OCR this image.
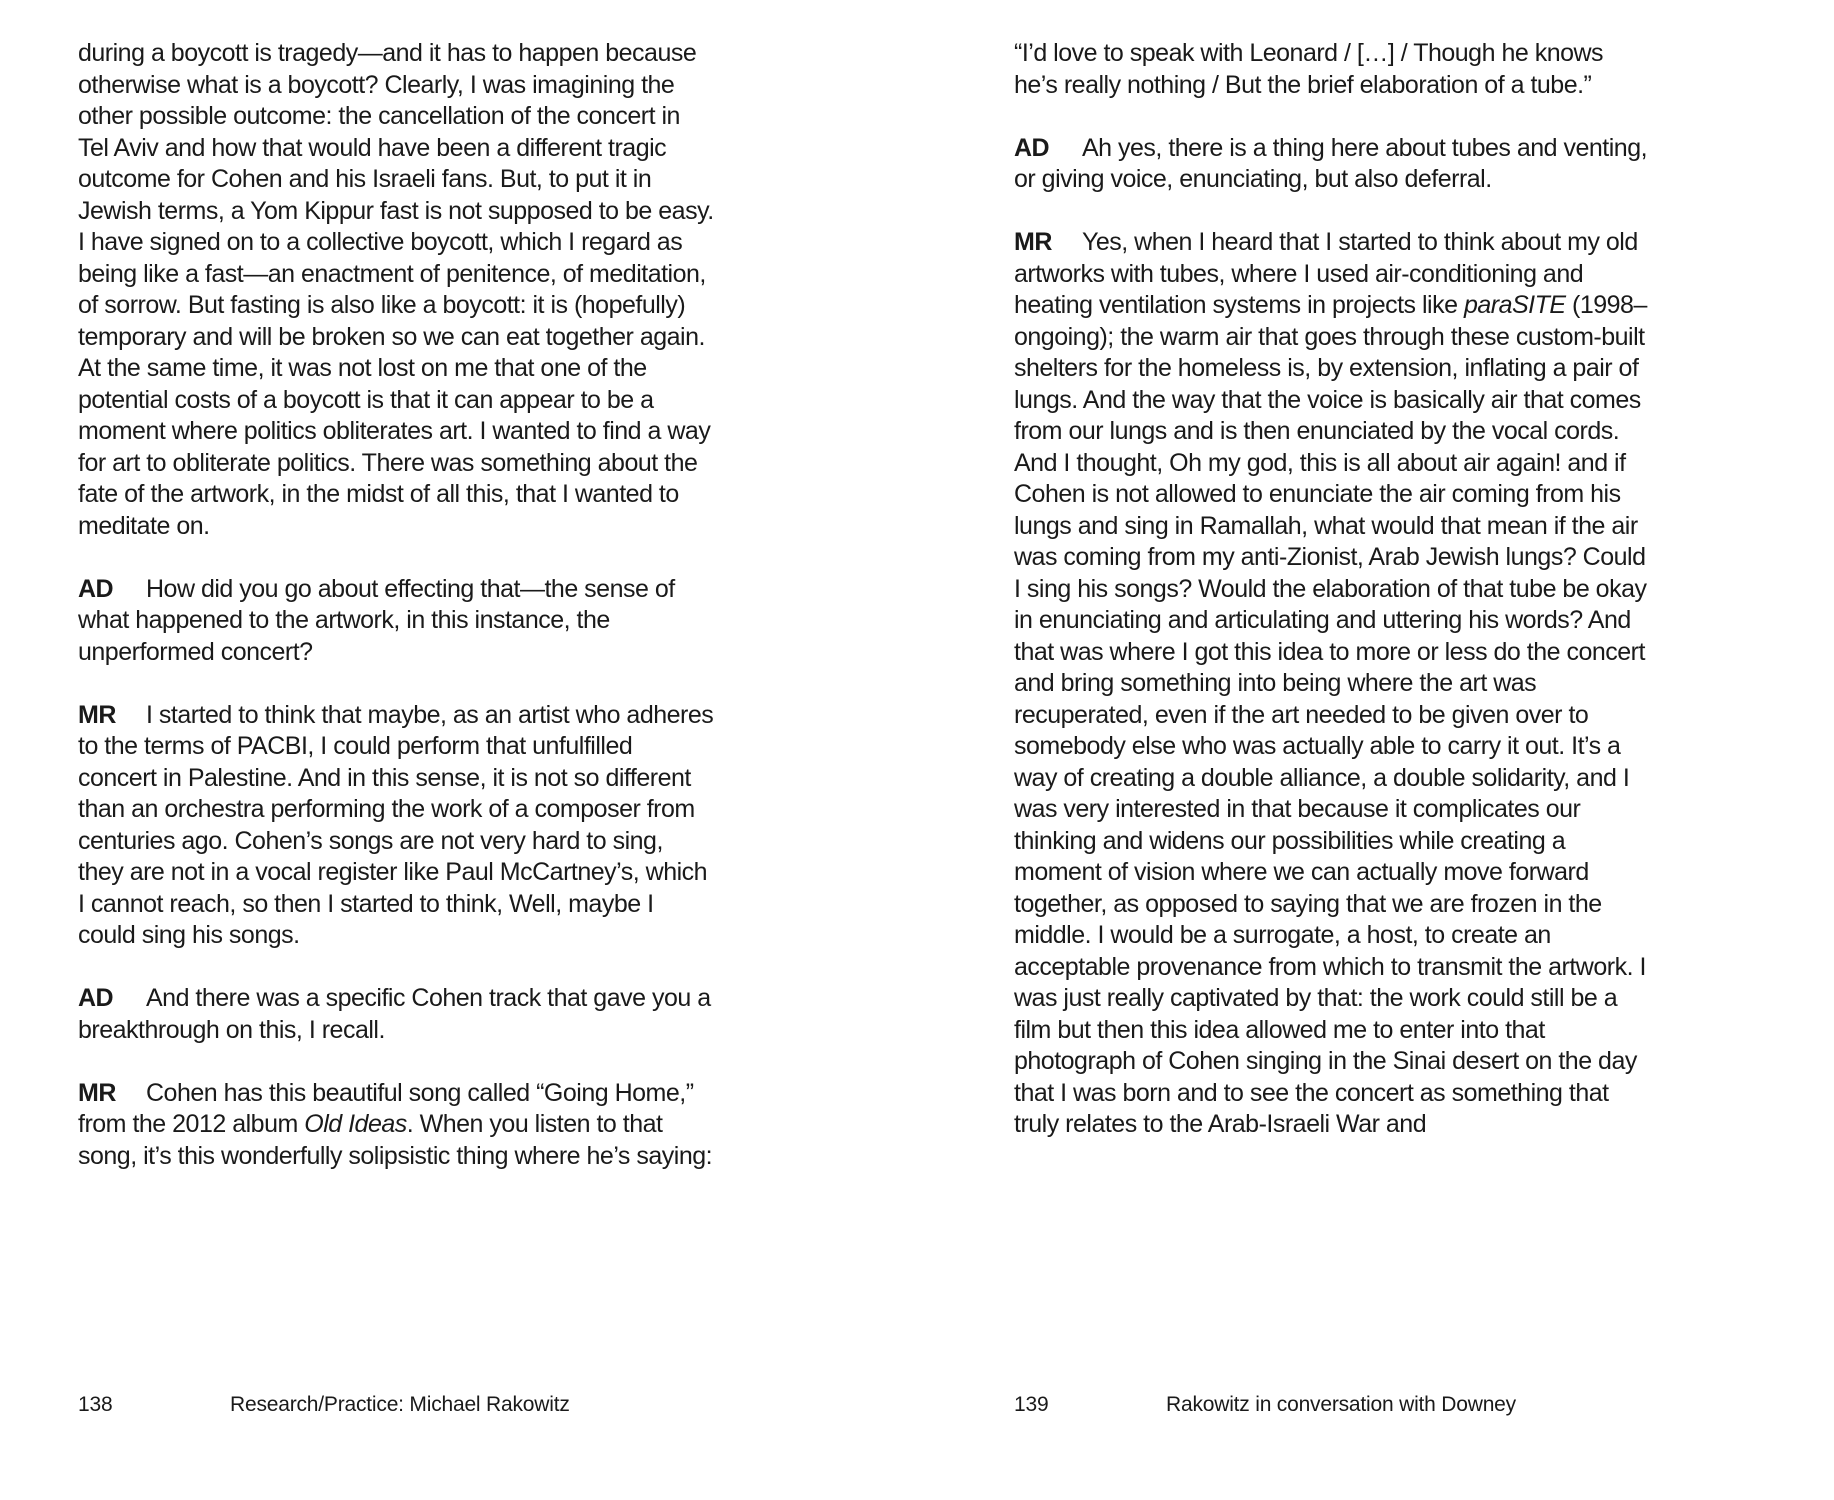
during a boycott is tragedy—and it has to happen because otherwise what is a boycott? Clearly, I was imagining the other possible outcome: the cancellation of the concert in Tel Aviv and how that would have been a different tragic outcome for Cohen and his Israeli fans. But, to put it in Jewish terms, a Yom Kippur fast is not supposed to be easy. I have signed on to a collective boycott, which I regard as being like a fast—an enactment of penitence, of meditation, of sorrow. But fasting is also like a boycott: it is (hopefully) temporary and will be broken so we can eat together again. At the same time, it was not lost on me that one of the potential costs of a boycott is that it can appear to be a moment where politics obliterates art. I wanted to find a way for art to obliterate politics. There was something about the fate of the artwork, in the midst of all this, that I wanted to meditate on.

AD How did you go about effecting that—the sense of what happened to the artwork, in this instance, the unperformed concert?

MR I started to think that maybe, as an artist who adheres to the terms of PACBI, I could perform that unfulfilled concert in Palestine. And in this sense, it is not so different than an orchestra performing the work of a composer from centuries ago. Cohen’s songs are not very hard to sing, they are not in a vocal register like Paul McCartney’s, which I cannot reach, so then I started to think, Well, maybe I could sing his songs.

AD And there was a specific Cohen track that gave you a breakthrough on this, I recall.

MR Cohen has this beautiful song called “Going Home,” from the 2012 album Old Ideas. When you listen to that song, it’s this wonderfully solipsistic thing where he’s saying:

“I’d love to speak with Leonard / […] / Though he knows he’s really nothing / But the brief elaboration of a tube.”

AD Ah yes, there is a thing here about tubes and venting, or giving voice, enunciating, but also deferral.

MR Yes, when I heard that I started to think about my old artworks with tubes, where I used air-conditioning and heating ventilation systems in projects like paraSITE (1998–ongoing); the warm air that goes through these custom-built shelters for the homeless is, by extension, inflating a pair of lungs. And the way that the voice is basically air that comes from our lungs and is then enunciated by the vocal cords. And I thought, Oh my god, this is all about air again! and if Cohen is not allowed to enunciate the air coming from his lungs and sing in Ramallah, what would that mean if the air was coming from my anti-Zionist, Arab Jewish lungs? Could I sing his songs? Would the elaboration of that tube be okay in enunciating and articulating and uttering his words? And that was where I got this idea to more or less do the concert and bring something into being where the art was recuperated, even if the art needed to be given over to somebody else who was actually able to carry it out. It’s a way of creating a double alliance, a double solidarity, and I was very interested in that because it complicates our thinking and widens our possibilities while creating a moment of vision where we can actually move forward together, as opposed to saying that we are frozen in the middle. I would be a surrogate, a host, to create an acceptable provenance from which to transmit the artwork. I was just really captivated by that: the work could still be a film but then this idea allowed me to enter into that photograph of Cohen singing in the Sinai desert on the day that I was born and to see the concert as something that truly relates to the Arab-Israeli War and

138	Research/Practice: Michael Rakowitz	139	Rakowitz in conversation with Downey
